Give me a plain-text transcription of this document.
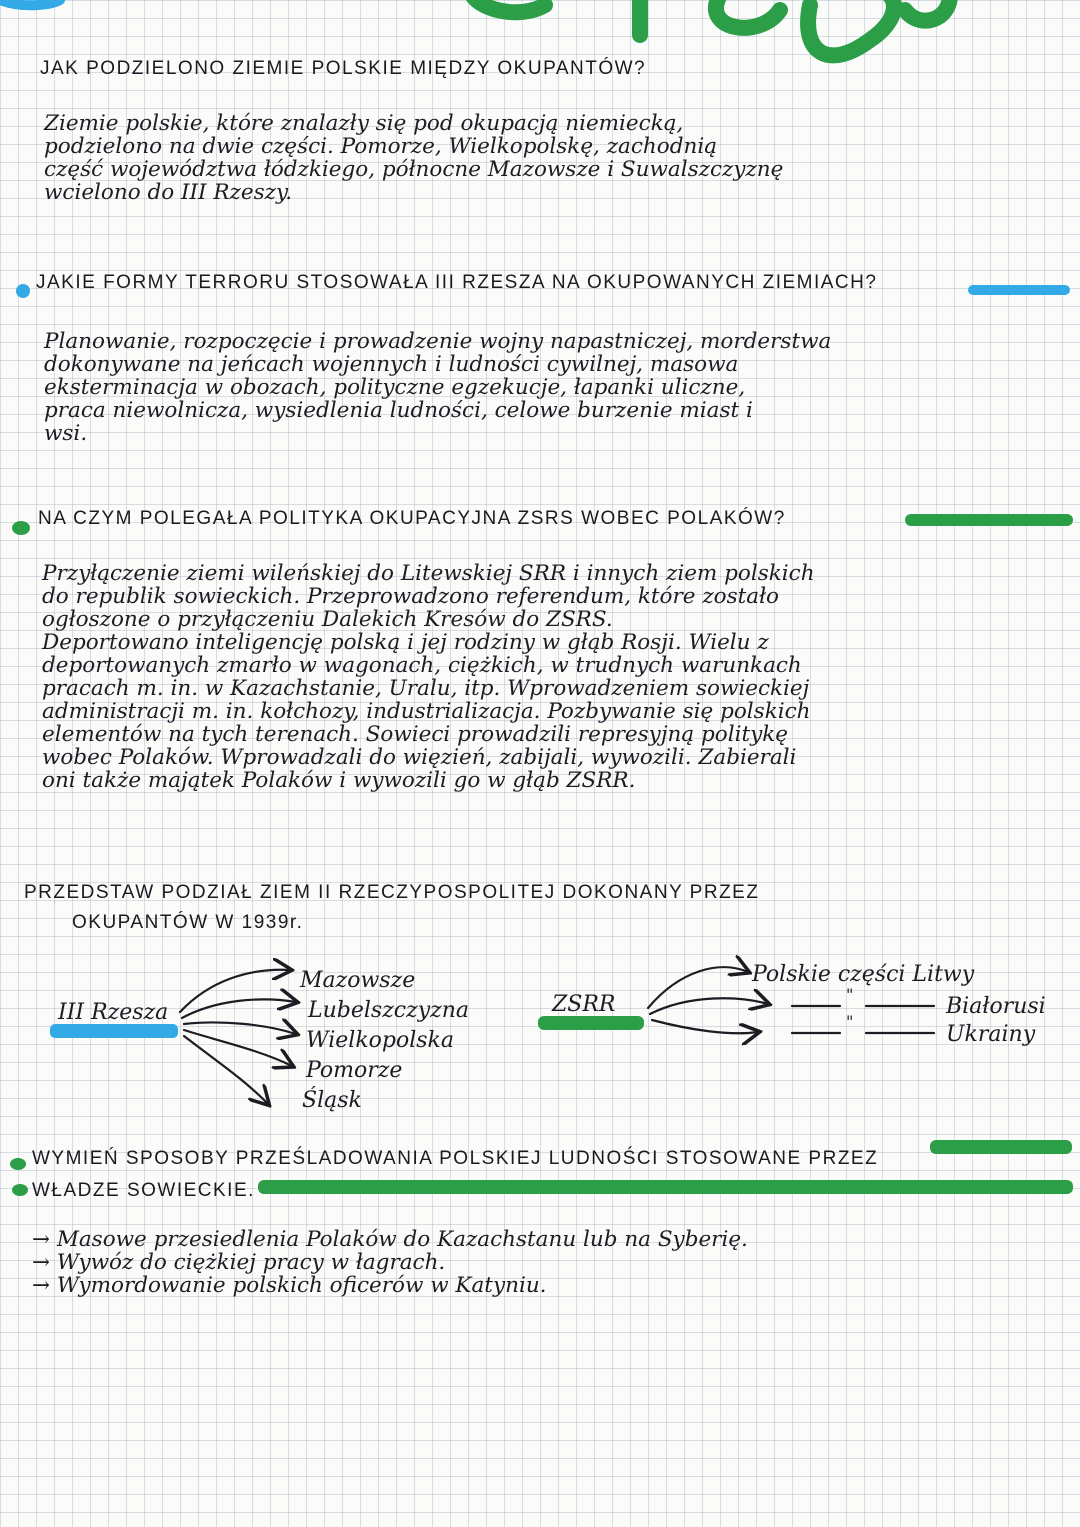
JAK PODZIELONO ZIEMIE POLSKIE MIĘDZY OKUPANTÓW?
Ziemie polskie, które znalazły się pod okupacją niemiecką,
podzielono na dwie części. Pomorze, Wielkopolskę, zachodnią
część województwa łódzkiego, północne Mazowsze i Suwalszczyznę
wcielono do III Rzeszy.
JAKIE FORMY TERRORU STOSOWAŁA III RZESZA NA OKUPOWANYCH ZIEMIACH?
Planowanie, rozpoczęcie i prowadzenie wojny napastniczej, morderstwa
dokonywane na jeńcach wojennych i ludności cywilnej, masowa
eksterminacja w obozach, polityczne egzekucje, łapanki uliczne,
praca niewolnicza, wysiedlenia ludności, celowe burzenie miast i
wsi.
NA CZYM POLEGAŁA POLITYKA OKUPACYJNA ZSRS WOBEC POLAKÓW?
Przyłączenie ziemi wileńskiej do Litewskiej SRR i innych ziem polskich
do republik sowieckich. Przeprowadzono referendum, które zostało
ogłoszone o przyłączeniu Dalekich Kresów do ZSRS.
Deportowano inteligencję polską i jej rodziny w głąb Rosji. Wielu z
deportowanych zmarło w wagonach, ciężkich, w trudnych warunkach
pracach m. in. w Kazachstanie, Uralu, itp. Wprowadzeniem sowieckiej
administracji m. in. kołchozy, industrializacja. Pozbywanie się polskich
elementów na tych terenach. Sowieci prowadzili represyjną politykę
wobec Polaków. Wprowadzali do więzień, zabijali, wywozili. Zabierali
oni także majątek Polaków i wywozili go w głąb ZSRR.
PRZEDSTAW PODZIAŁ ZIEM II RZECZYPOSPOLITEJ DOKONANY PRZEZ
OKUPANTÓW W 1939r.
III Rzesza
Mazowsze
Lubelszczyzna
Wielkopolska
Pomorze
Śląsk
ZSRR
Polskie części Litwy
"
"
Białorusi
Ukrainy
WYMIEŃ SPOSOBY PRZEŚLADOWANIA POLSKIEJ LUDNOŚCI STOSOWANE PRZEZ
WŁADZE SOWIECKIE.
→ Masowe przesiedlenia Polaków do Kazachstanu lub na Syberię.
→ Wywóz do ciężkiej pracy w łagrach.
→ Wymordowanie polskich oficerów w Katyniu.
